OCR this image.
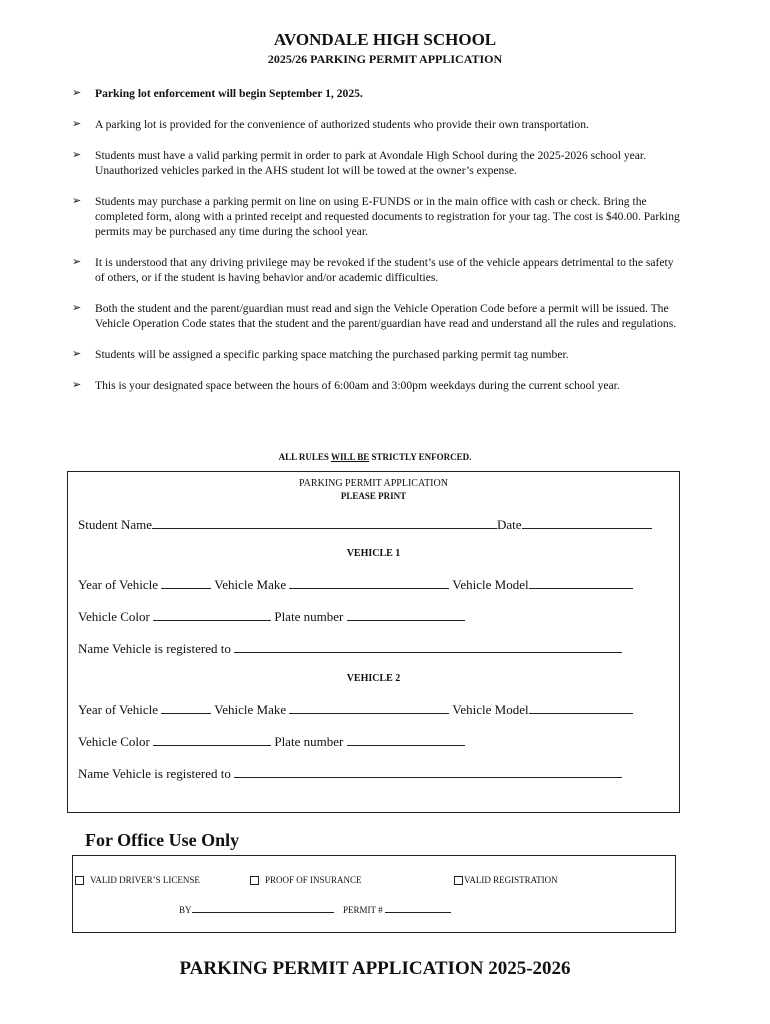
AVONDALE HIGH SCHOOL
2025/26 PARKING PERMIT APPLICATION
➢ Parking lot enforcement will begin September 1, 2025.
➢ A parking lot is provided for the convenience of authorized students who provide their own transportation.
➢ Students must have a valid parking permit in order to park at Avondale High School during the 2025-2026 school year. Unauthorized vehicles parked in the AHS student lot will be towed at the owner’s expense.
➢ Students may purchase a parking permit on line on using E-FUNDS or in the main office with cash or check. Bring the completed form, along with a printed receipt and requested documents to registration for your tag. The cost is $40.00. Parking permits may be purchased any time during the school year.
➢ It is understood that any driving privilege may be revoked if the student’s use of the vehicle appears detrimental to the safety of others, or if the student is having behavior and/or academic difficulties.
➢ Both the student and the parent/guardian must read and sign the Vehicle Operation Code before a permit will be issued. The Vehicle Operation Code states that the student and the parent/guardian have read and understand all the rules and regulations.
➢ Students will be assigned a specific parking space matching the purchased parking permit tag number.
➢ This is your designated space between the hours of 6:00am and 3:00pm weekdays during the current school year.
ALL RULES WILL BE STRICTLY ENFORCED.
PARKING PERMIT APPLICATION
PLEASE PRINT
Student Name	Date
VEHICLE 1
Year of Vehicle	Vehicle Make	Vehicle Model
Vehicle Color	Plate number
Name Vehicle is registered to
VEHICLE 2
Year of Vehicle	Vehicle Make	Vehicle Model
Vehicle Color	Plate number
Name Vehicle is registered to
For Office Use Only
VALID DRIVER’S LICENSE	PROOF OF INSURANCE	VALID REGISTRATION
BY	PERMIT #
PARKING PERMIT APPLICATION 2025-2026
